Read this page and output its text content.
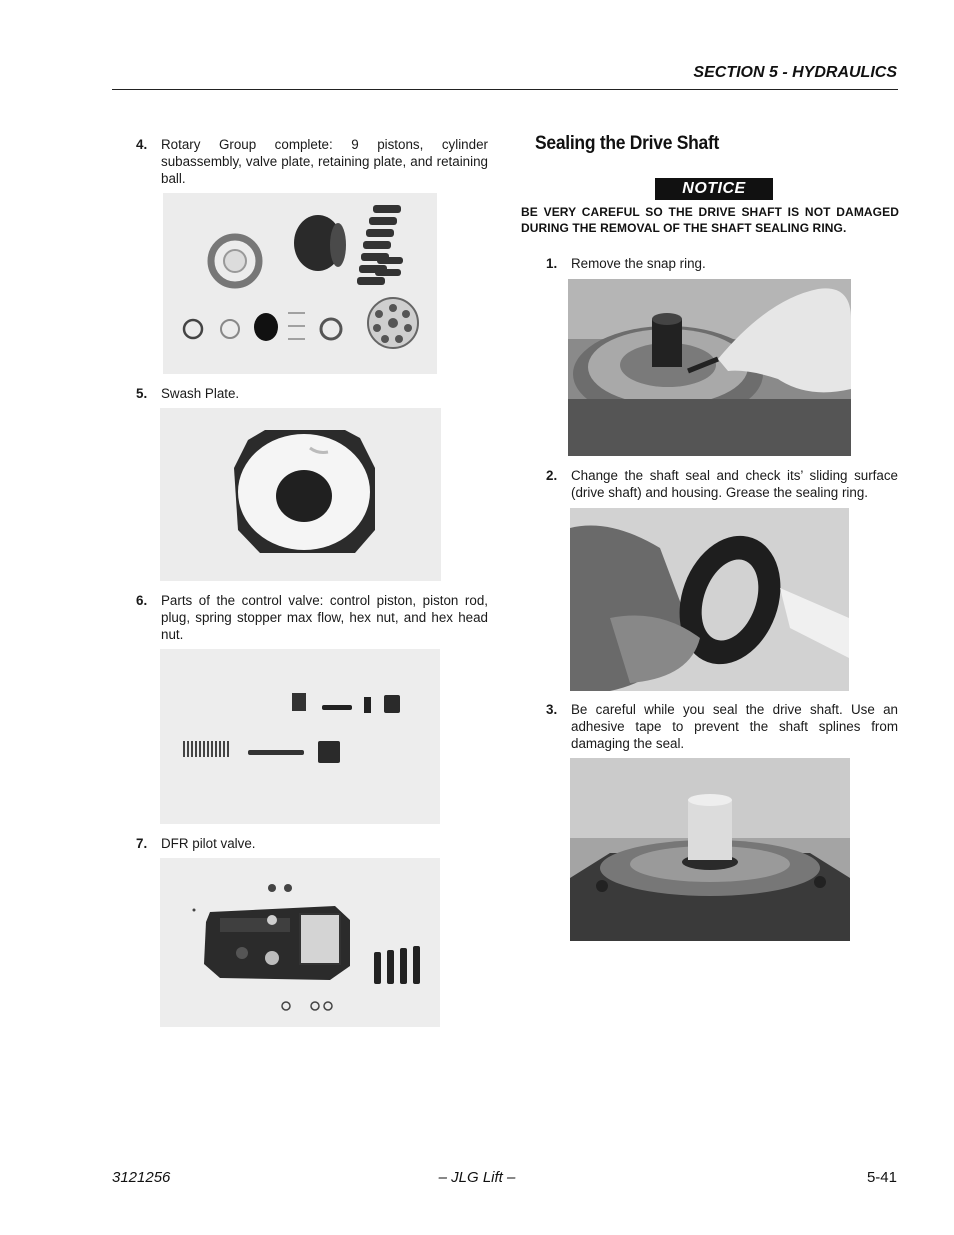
SECTION 5 - HYDRAULICS
4. Rotary Group complete: 9 pistons, cylinder subassembly, valve plate, retaining plate, and retaining ball.
5. Swash Plate.
6. Parts of the control valve: control piston, piston rod, plug, spring stopper max flow, hex nut, and hex head nut.
7. DFR pilot valve.
Sealing the Drive Shaft
NOTICE
BE VERY CAREFUL SO THE DRIVE SHAFT IS NOT DAMAGED DURING THE REMOVAL OF THE SHAFT SEALING RING.
1. Remove the snap ring.
2. Change the shaft seal and check its’ sliding surface (drive shaft) and housing. Grease the sealing ring.
3. Be careful while you seal the drive shaft. Use an adhesive tape to prevent the shaft splines from damaging the seal.
3121256	– JLG Lift –	5-41
